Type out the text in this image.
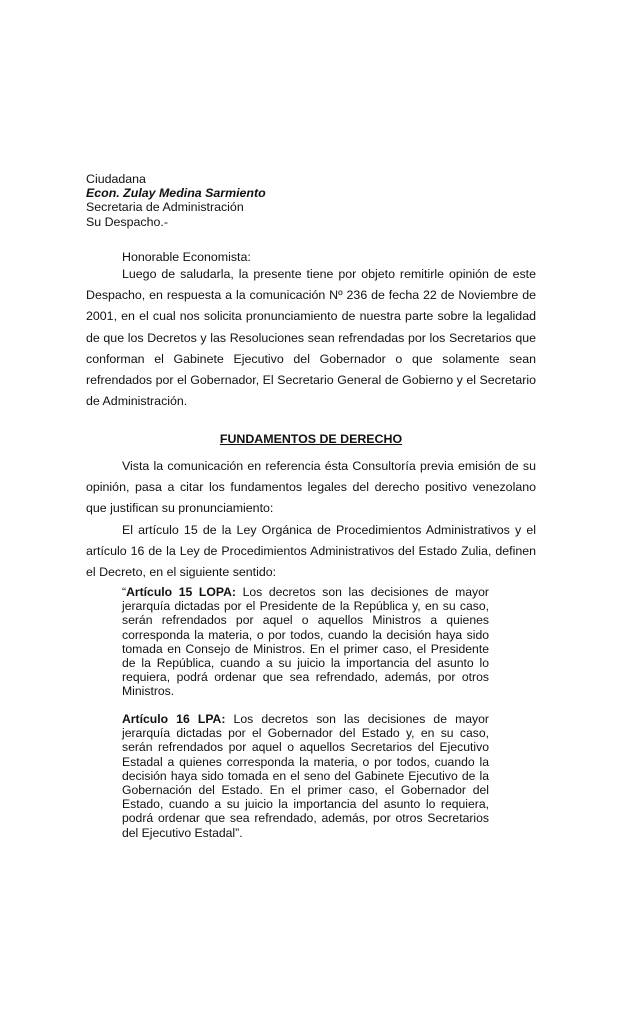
Ciudadana
Econ. Zulay Medina Sarmiento
Secretaria de Administración
Su Despacho.-
Honorable Economista:
Luego de saludarla, la presente tiene por objeto remitirle opinión de este Despacho, en respuesta a la comunicación Nº 236 de fecha 22 de Noviembre de 2001, en el cual nos solicita pronunciamiento de nuestra parte sobre la legalidad de que los Decretos y las Resoluciones sean refrendadas por los Secretarios que conforman el Gabinete Ejecutivo del Gobernador o que solamente sean refrendados por el Gobernador, El Secretario General de Gobierno y el Secretario de Administración.
FUNDAMENTOS DE DERECHO
Vista la comunicación en referencia ésta Consultoría previa emisión de su opinión, pasa a citar los fundamentos legales del derecho positivo venezolano que justifican su pronunciamiento:
El artículo 15 de la Ley Orgánica de Procedimientos Administrativos y el artículo 16 de la Ley de Procedimientos Administrativos del Estado Zulia, definen el Decreto, en el siguiente sentido:
“Artículo 15 LOPA: Los decretos son las decisiones de mayor jerarquía dictadas por el Presidente de la República y, en su caso, serán refrendados por aquel o aquellos Ministros a quienes corresponda la materia, o por todos, cuando la decisión haya sido tomada en Consejo de Ministros. En el primer caso, el Presidente de la República, cuando a su juicio la importancia del asunto lo requiera, podrá ordenar que sea refrendado, además, por otros Ministros.
Artículo 16 LPA: Los decretos son las decisiones de mayor jerarquía dictadas por el Gobernador del Estado y, en su caso, serán refrendados por aquel o aquellos Secretarios del Ejecutivo Estadal a quienes corresponda la materia, o por todos, cuando la decisión haya sido tomada en el seno del Gabinete Ejecutivo de la Gobernación del Estado. En el primer caso, el Gobernador del Estado, cuando a su juicio la importancia del asunto lo requiera, podrá ordenar que sea refrendado, además, por otros Secretarios del Ejecutivo Estadal”.
